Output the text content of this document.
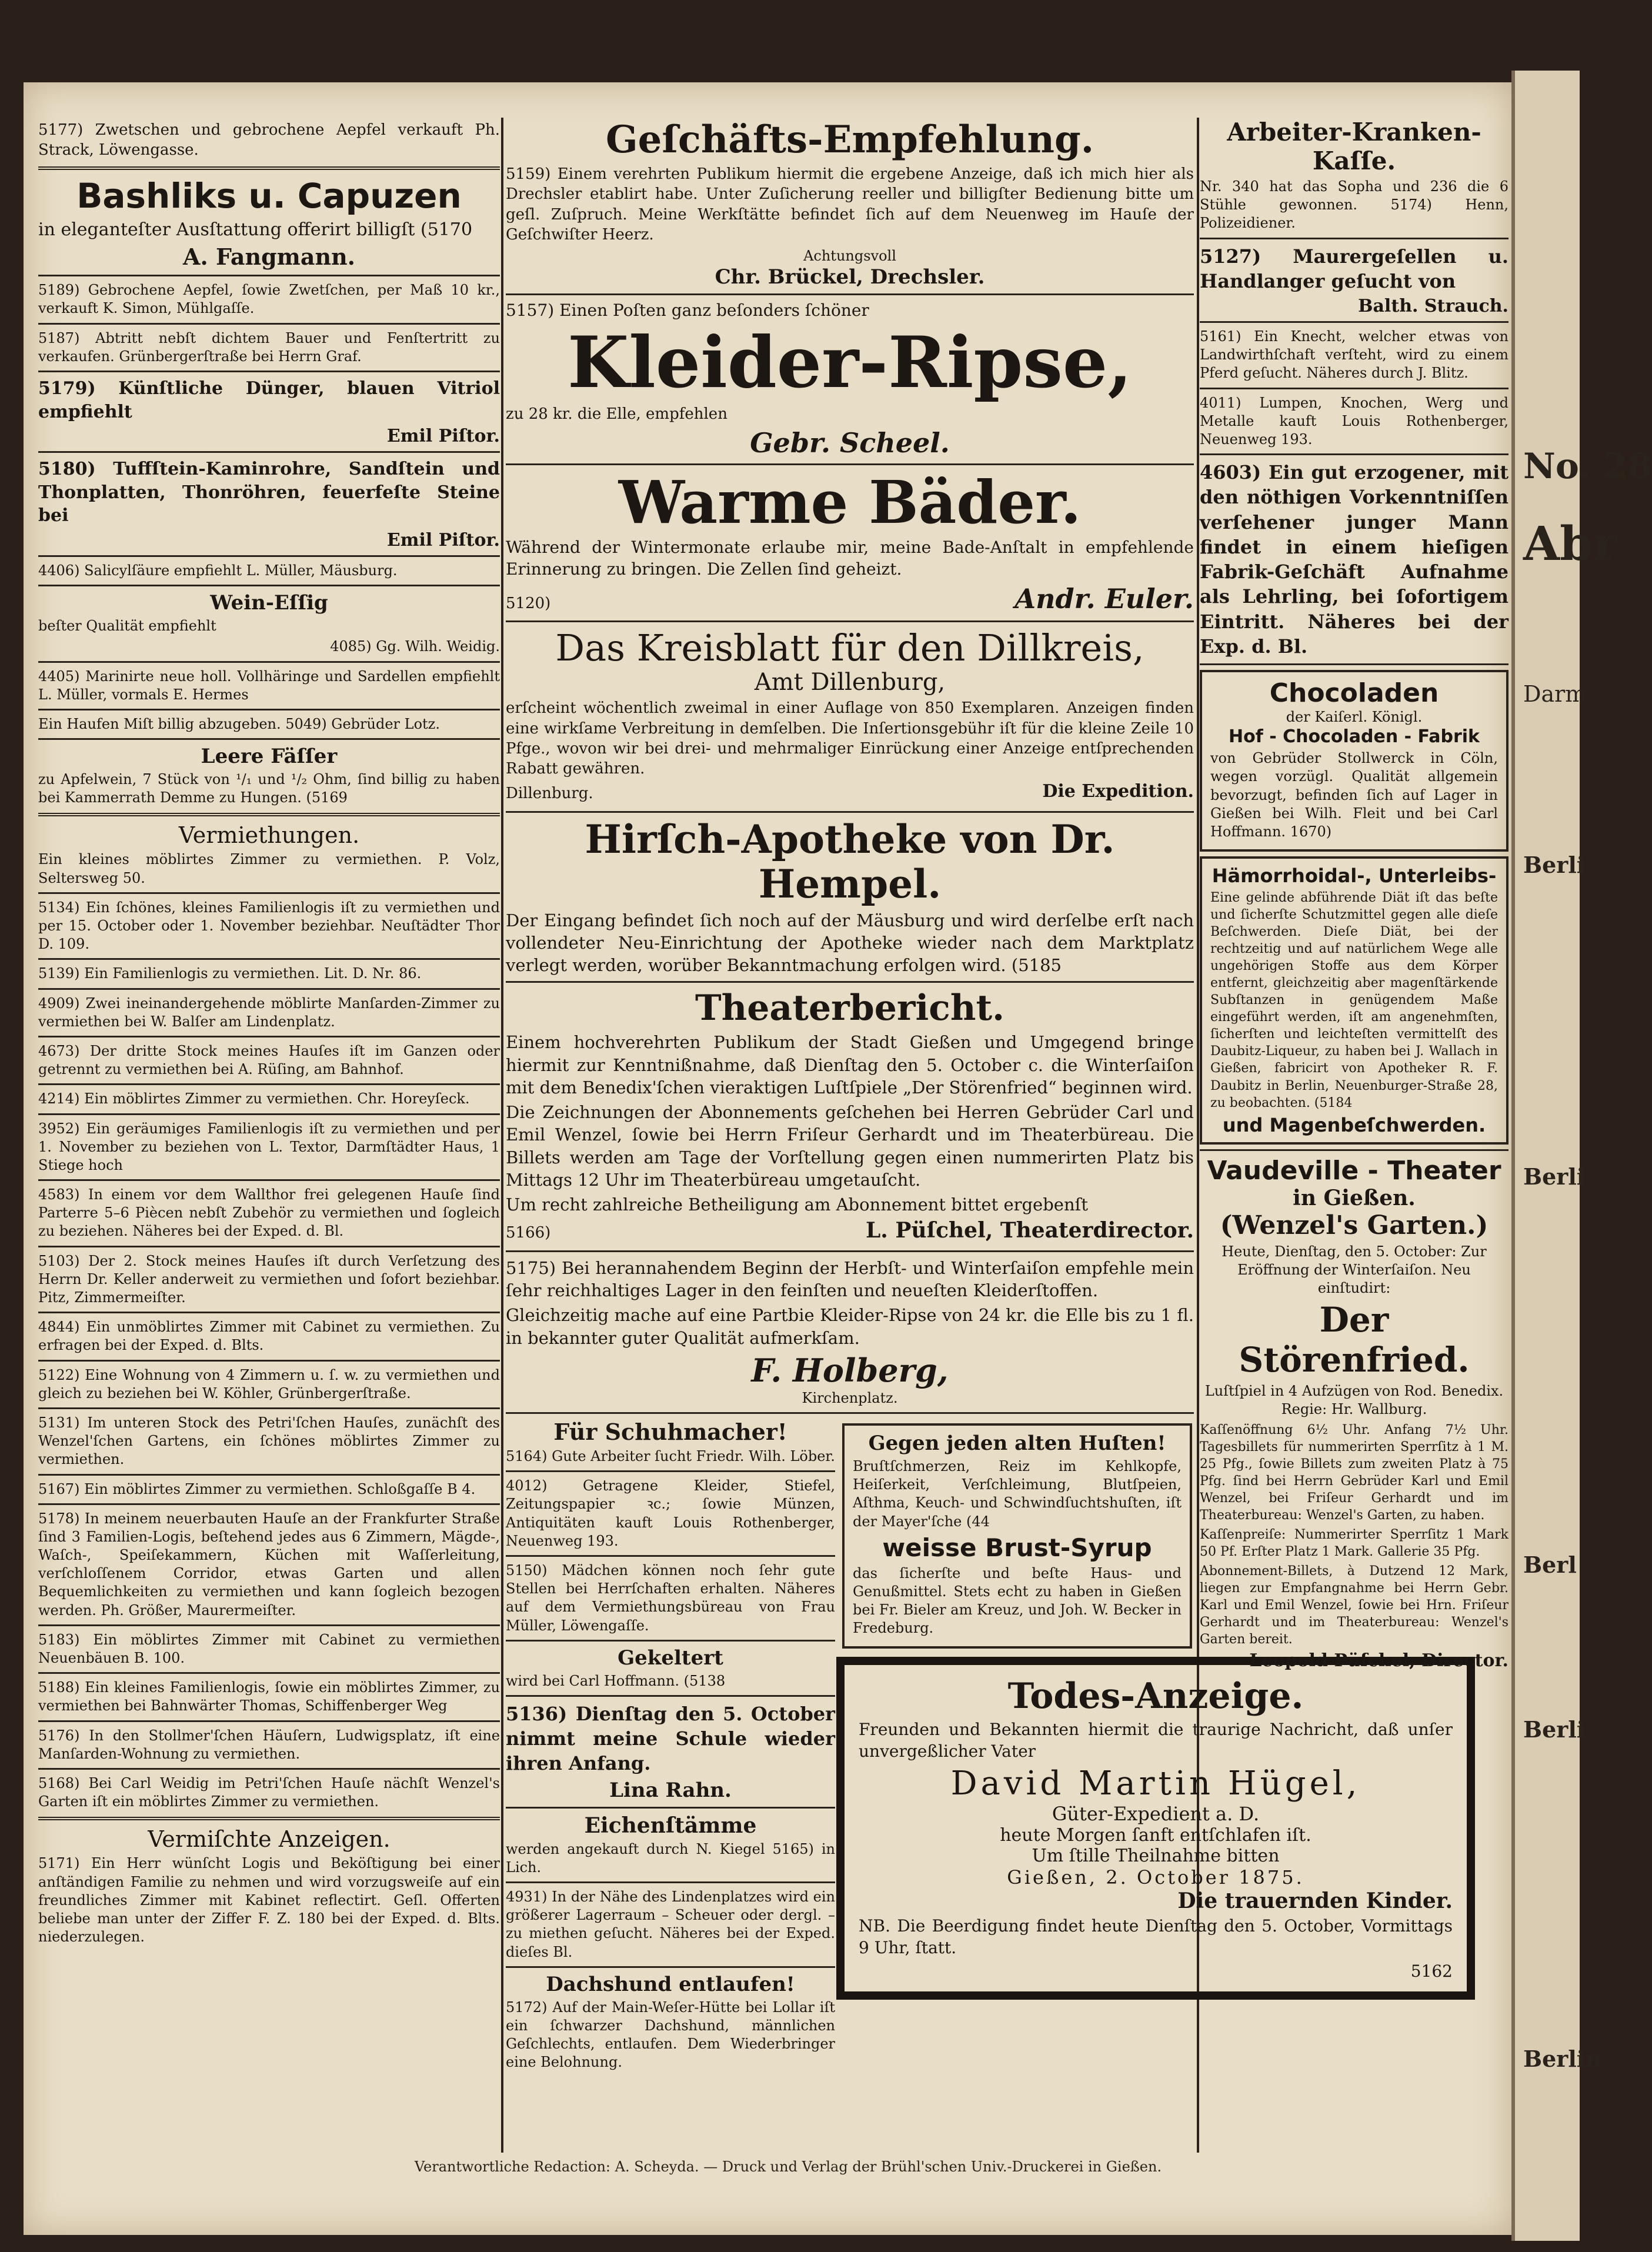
5177) Zwetschen und gebrochene Aepfel verkauft Ph. Strack, Löwengasse.
Bashliks u. Capuzen
in eleganteſter Ausſtattung offerirt billigſt (5170
A. Fangmann.
5189) Gebrochene Aepfel, ſowie Zwetſchen, per Maß 10 kr., verkauft K. Simon, Mühlgaſſe.
5187) Abtritt nebſt dichtem Bauer und Fenſtertritt zu verkaufen. Grünbergerſtraße bei Herrn Graf.
5179) Künſtliche Dünger, blauen Vitriol empfiehlt
Emil Piſtor.
5180) Tuffſtein-Kaminrohre, Sandſtein und Thonplatten, Thonröhren, feuerfeſte Steine bei
Emil Piſtor.
4406) Salicylſäure empfiehlt L. Müller, Mäusburg.
Wein-Eſſig
beſter Qualität empfiehlt
4085) Gg. Wilh. Weidig.
4405) Marinirte neue holl. Vollhäringe und Sardellen empfiehlt L. Müller, vormals E. Hermes
Ein Haufen Miſt billig abzugeben. 5049) Gebrüder Lotz.
Leere Fäſſer
zu Apfelwein, 7 Stück von ¹/₁ und ¹/₂ Ohm, ſind billig zu haben bei Kammerrath Demme zu Hungen. (5169
Vermiethungen.
Ein kleines möblirtes Zimmer zu vermiethen. P. Volz, Seltersweg 50.
5134) Ein ſchönes, kleines Familienlogis iſt zu vermiethen und per 15. October oder 1. November beziehbar. Neuſtädter Thor D. 109.
5139) Ein Familienlogis zu vermiethen. Lit. D. Nr. 86.
4909) Zwei ineinandergehende möblirte Manſarden-Zimmer zu vermiethen bei W. Balſer am Lindenplatz.
4673) Der dritte Stock meines Hauſes iſt im Ganzen oder getrennt zu vermiethen bei A. Rüſing, am Bahnhof.
4214) Ein möblirtes Zimmer zu vermiethen. Chr. Horeyſeck.
3952) Ein geräumiges Familienlogis iſt zu vermiethen und per 1. November zu beziehen von L. Textor, Darmſtädter Haus, 1 Stiege hoch
4583) In einem vor dem Wallthor frei gelegenen Hauſe ſind Parterre 5–6 Piècen nebſt Zubehör zu vermiethen und ſogleich zu beziehen. Näheres bei der Exped. d. Bl.
5103) Der 2. Stock meines Hauſes iſt durch Verſetzung des Herrn Dr. Keller anderweit zu vermiethen und ſofort beziehbar. Pitz, Zimmermeiſter.
4844) Ein unmöblirtes Zimmer mit Cabinet zu vermiethen. Zu erfragen bei der Exped. d. Blts.
5122) Eine Wohnung von 4 Zimmern u. ſ. w. zu vermiethen und gleich zu beziehen bei W. Köhler, Grünbergerſtraße.
5131) Im unteren Stock des Petri'ſchen Hauſes, zunächſt des Wenzel'ſchen Gartens, ein ſchönes möblirtes Zimmer zu vermiethen.
5167) Ein möblirtes Zimmer zu vermiethen. Schloßgaſſe B 4.
5178) In meinem neuerbauten Hauſe an der Frankfurter Straße ſind 3 Familien-Logis, beſtehend jedes aus 6 Zimmern, Mägde-, Waſch-, Speiſekammern, Küchen mit Waſſerleitung, verſchloſſenem Corridor, etwas Garten und allen Bequemlichkeiten zu vermiethen und kann ſogleich bezogen werden. Ph. Größer, Maurermeiſter.
5183) Ein möblirtes Zimmer mit Cabinet zu vermiethen Neuenbäuen B. 100.
5188) Ein kleines Familienlogis, ſowie ein möblirtes Zimmer, zu vermiethen bei Bahnwärter Thomas, Schiffenberger Weg
5176) In den Stollmer'ſchen Häuſern, Ludwigsplatz, iſt eine Manſarden-Wohnung zu vermiethen.
5168) Bei Carl Weidig im Petri'ſchen Hauſe nächſt Wenzel's Garten iſt ein möblirtes Zimmer zu vermiethen.
Vermiſchte Anzeigen.
5171) Ein Herr wünſcht Logis und Beköſtigung bei einer anſtändigen Familie zu nehmen und wird vorzugsweiſe auf ein freundliches Zimmer mit Kabinet reflectirt. Geſl. Offerten beliebe man unter der Ziffer F. Z. 180 bei der Exped. d. Blts. niederzulegen.
Geſchäfts-Empfehlung.
5159) Einem verehrten Publikum hiermit die ergebene Anzeige, daß ich mich hier als Drechsler etablirt habe. Unter Zuſicherung reeller und billigſter Bedienung bitte um geſl. Zuſpruch. Meine Werkſtätte befindet ſich auf dem Neuenweg im Hauſe der Geſchwiſter Heerz.
Achtungsvoll
Chr. Brückel, Drechsler.
5157) Einen Poſten ganz beſonders ſchöner
Kleider-Ripse,
zu 28 kr. die Elle, empfehlen
Gebr. Scheel.
Warme Bäder.
Während der Wintermonate erlaube mir, meine Bade-Anſtalt in empfehlende Erinnerung zu bringen. Die Zellen ſind geheizt.
5120)	Andr. Euler.
Das Kreisblatt für den Dillkreis,
Amt Dillenburg,
erſcheint wöchentlich zweimal in einer Auflage von 850 Exemplaren. Anzeigen finden eine wirkſame Verbreitung in demſelben. Die Inſertionsgebühr iſt für die kleine Zeile 10 Pfge., wovon wir bei drei- und mehrmaliger Einrückung einer Anzeige entſprechenden Rabatt gewähren.
Dillenburg.	Die Expedition.
Hirſch-Apotheke von Dr. Hempel.
Der Eingang befindet ſich noch auf der Mäusburg und wird derſelbe erſt nach vollendeter Neu-Einrichtung der Apotheke wieder nach dem Marktplatz verlegt werden, worüber Bekanntmachung erfolgen wird. (5185
Theaterbericht.
Einem hochverehrten Publikum der Stadt Gießen und Umgegend bringe hiermit zur Kenntnißnahme, daß Dienſtag den 5. October c. die Winterſaiſon mit dem Benedix'ſchen vieraktigen Luſtſpiele „Der Störenfried“ beginnen wird.
Die Zeichnungen der Abonnements geſchehen bei Herren Gebrüder Carl und Emil Wenzel, ſowie bei Herrn Friſeur Gerhardt und im Theaterbüreau. Die Billets werden am Tage der Vorſtellung gegen einen nummerirten Platz bis Mittags 12 Uhr im Theaterbüreau umgetauſcht.
Um recht zahlreiche Betheiligung am Abonnement bittet ergebenſt
5166)	L. Püſchel, Theaterdirector.
5175) Bei herannahendem Beginn der Herbſt- und Winterſaiſon empfehle mein ſehr reichhaltiges Lager in den feinſten und neueſten Kleiderſtoffen.
Gleichzeitig mache auf eine Partbie Kleider-Ripse von 24 kr. die Elle bis zu 1 fl. in bekannter guter Qualität aufmerkſam.
F. Holberg,
Kirchenplatz.
Für Schuhmacher!
5164) Gute Arbeiter ſucht Friedr. Wilh. Löber.
4012) Getragene Kleider, Stiefel, Zeitungspapier ꝛc.; ſowie Münzen, Antiquitäten kauft Louis Rothenberger, Neuenweg 193.
5150) Mädchen können noch ſehr gute Stellen bei Herrſchaften erhalten. Näheres auf dem Vermiethungsbüreau von Frau Müller, Löwengaſſe.
Gekeltert
wird bei Carl Hoffmann. (5138
5136) Dienſtag den 5. October nimmt meine Schule wieder ihren Anfang.
Lina Rahn.
Eichenſtämme
werden angekauft durch N. Kiegel 5165) in Lich.
4931) In der Nähe des Lindenplatzes wird ein größerer Lagerraum – Scheuer oder dergl. – zu miethen geſucht. Näheres bei der Exped. dieſes Bl.
Dachshund entlaufen!
5172) Auf der Main-Weſer-Hütte bei Lollar iſt ein ſchwarzer Dachshund, männlichen Geſchlechts, entlaufen. Dem Wiederbringer eine Belohnung.
Gegen jeden alten Huſten!
Bruſtſchmerzen, Reiz im Kehlkopfe, Heiſerkeit, Verſchleimung, Blutſpeien, Aſthma, Keuch- und Schwindſuchtshuſten, iſt der Mayer'ſche (44
weisse Brust-Syrup
das ſicherſte und beſte Haus- und Genußmittel. Stets echt zu haben in Gießen bei Fr. Bieler am Kreuz, und Joh. W. Becker in Fredeburg.
Todes-Anzeige.
Freunden und Bekannten hiermit die traurige Nachricht, daß unſer unvergeßlicher Vater
David Martin Hügel,
Güter-Expedient a. D.
heute Morgen ſanft entſchlafen iſt.
Um ſtille Theilnahme bitten
Gießen, 2. October 1875.
Die trauernden Kinder.
NB. Die Beerdigung findet heute Dienſtag den 5. October, Vormittags 9 Uhr, ſtatt.
5162
Arbeiter-Kranken-Kaſſe.
Nr. 340 hat das Sopha und 236 die 6 Stühle gewonnen. 5174) Henn, Polizeidiener.
5127) Maurergeſellen u. Handlanger geſucht von
Balth. Strauch.
5161) Ein Knecht, welcher etwas von Landwirthſchaft verſteht, wird zu einem Pferd geſucht. Näheres durch J. Blitz.
4011) Lumpen, Knochen, Werg und Metalle kauft Louis Rothenberger, Neuenweg 193.
4603) Ein gut erzogener, mit den nöthigen Vorkenntniſſen verſehener junger Mann findet in einem hieſigen Fabrik-Geſchäft Aufnahme als Lehrling, bei ſofortigem Eintritt. Näheres bei der Exp. d. Bl.
Chocoladen
der Kaiſerl. Königl.
Hof - Chocoladen - Fabrik
von Gebrüder Stollwerck in Cöln, wegen vorzügl. Qualität allgemein bevorzugt, befinden ſich auf Lager in Gießen bei Wilh. Fleit und bei Carl Hoffmann. 1670)
Hämorrhoidal-, Unterleibs-
Eine gelinde abführende Diät iſt das beſte und ſicherſte Schutzmittel gegen alle dieſe Beſchwerden. Dieſe Diät, bei der rechtzeitig und auf natürlichem Wege alle ungehörigen Stoffe aus dem Körper entfernt, gleichzeitig aber magenſtärkende Subſtanzen in genügendem Maße eingeführt werden, iſt am angenehmſten, ſicherſten und leichteſten vermittelſt des Daubitz-Liqueur, zu haben bei J. Wallach in Gießen, fabricirt von Apotheker R. F. Daubitz in Berlin, Neuenburger-Straße 28, zu beobachten. (5184
und Magenbeſchwerden.
Vaudeville - Theater
in Gießen.
(Wenzel's Garten.)
Heute, Dienſtag, den 5. October: Zur Eröffnung der Winterſaiſon. Neu einſtudirt:
Der Störenfried.
Luſtſpiel in 4 Aufzügen von Rod. Benedix. Regie: Hr. Wallburg.
Kaſſenöffnung 6½ Uhr. Anfang 7½ Uhr. Tagesbillets für nummerirten Sperrſitz à 1 M. 25 Pfg., ſowie Billets zum zweiten Platz à 75 Pfg. ſind bei Herrn Gebrüder Karl und Emil Wenzel, bei Friſeur Gerhardt und im Theaterbureau: Wenzel's Garten, zu haben.
Kaſſenpreiſe: Nummerirter Sperrſitz 1 Mark 50 Pf. Erſter Platz 1 Mark. Gallerie 35 Pfg.
Abonnement-Billets, à Dutzend 12 Mark, liegen zur Empfangnahme bei Herrn Gebr. Karl und Emil Wenzel, ſowie bei Hrn. Friſeur Gerhardt und im Theaterbureau: Wenzel's Garten bereit.
Leopold Püſchel, Director.
Verantwortliche Redaction: A. Scheyda. — Druck und Verlag der Brühl'schen Univ.-Druckerei in Gießen.
No. 28
Abr
Darm
Berli
Berli
Berl
Berli
Berlin
